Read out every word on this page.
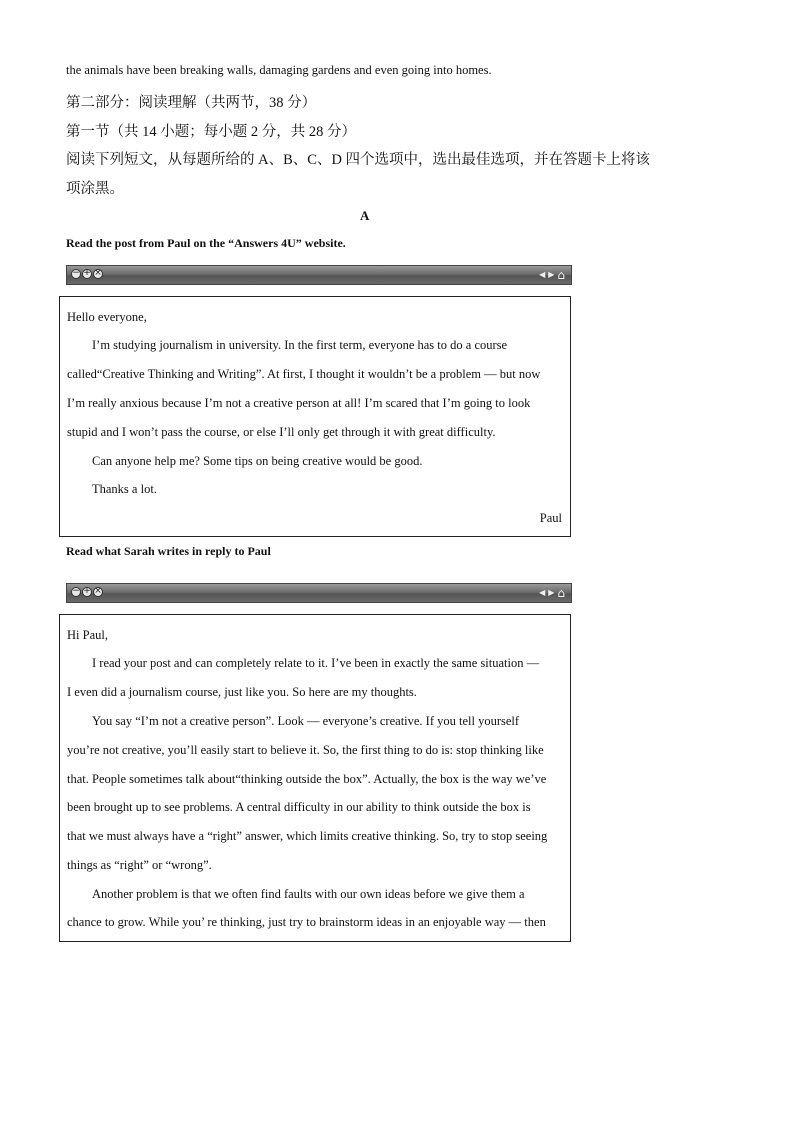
the animals have been breaking walls, damaging gardens and even going into homes.
第二部分：阅读理解（共两节，38 分）
第一节（共 14 小题；每小题 2 分，共 28 分）
阅读下列短文，从每题所给的 A、B、C、D 四个选项中，选出最佳选项，并在答题卡上将该
项涂黑。
A
Read the post from Paul on the “Answers 4U” website.
− + ×	◀ ▶ ⌂
Hello everyone,
I’m studying journalism in university. In the first term, everyone has to do a course
called“Creative Thinking and Writing”. At first, I thought it wouldn’t be a problem — but now
I’m really anxious because I’m not a creative person at all! I’m scared that I’m going to look
stupid and I won’t pass the course, or else I’ll only get through it with great difficulty.
Can anyone help me? Some tips on being creative would be good.
Thanks a lot.
Paul
Read what Sarah writes in reply to Paul
− + ×	◀ ▶ ⌂
Hi Paul,
I read your post and can completely relate to it. I’ve been in exactly the same situation —
I even did a journalism course, just like you. So here are my thoughts.
You say “I’m not a creative person”. Look — everyone’s creative. If you tell yourself
you’re not creative, you’ll easily start to believe it. So, the first thing to do is: stop thinking like
that. People sometimes talk about“thinking outside the box”. Actually, the box is the way we’ve
been brought up to see problems. A central difficulty in our ability to think outside the box is
that we must always have a “right” answer, which limits creative thinking. So, try to stop seeing
things as “right” or “wrong”.
Another problem is that we often find faults with our own ideas before we give them a
chance to grow. While you’ re thinking, just try to brainstorm ideas in an enjoyable way — then
